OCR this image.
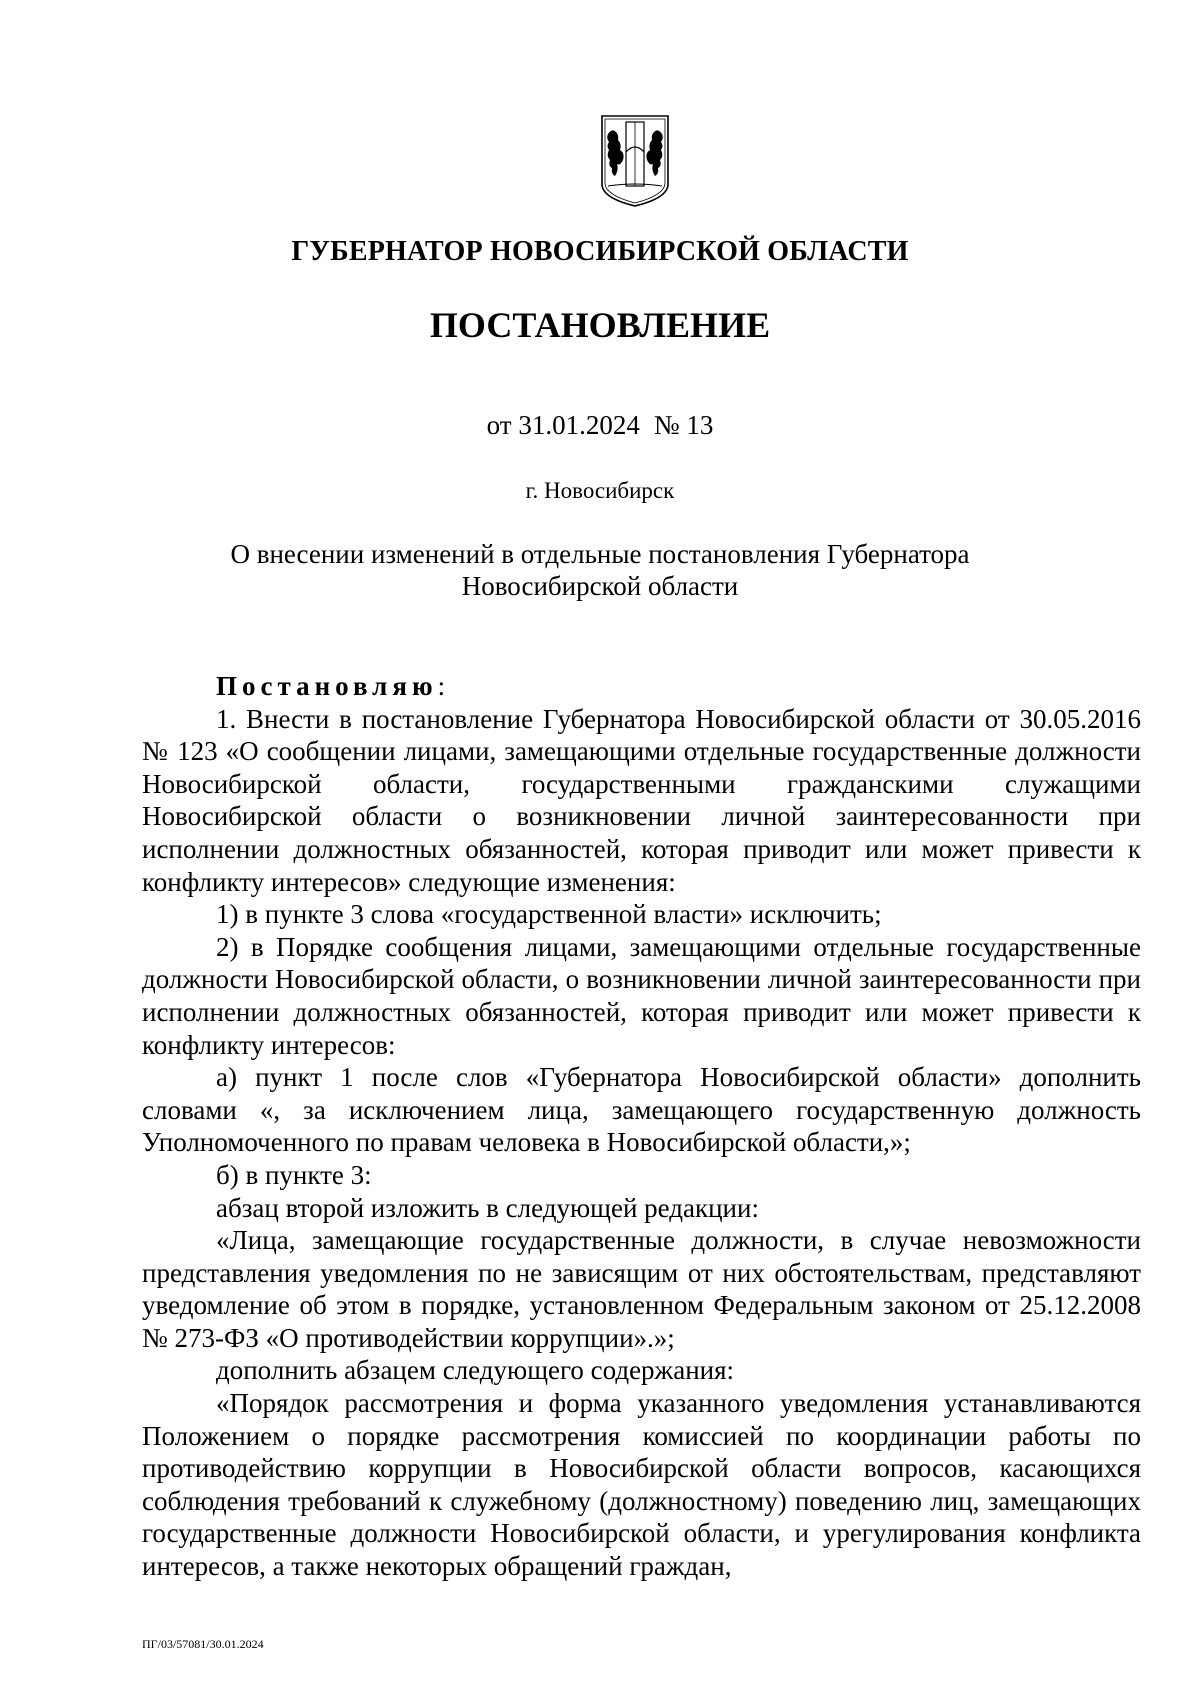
ГУБЕРНАТОР НОВОСИБИРСКОЙ ОБЛАСТИ
ПОСТАНОВЛЕНИЕ
от 31.01.2024 № 13
г. Новосибирск
О внесении изменений в отдельные постановления Губернатора
Новосибирской области

Постановляю:

1. Внести в постановление Губернатора Новосибирской области от 30.05.2016 № 123 «О сообщении лицами, замещающими отдельные государственные должности Новосибирской области, государственными гражданскими служащими Новосибирской области о возникновении личной заинтересованности при исполнении должностных обязанностей, которая приводит или может привести к конфликту интересов» следующие изменения:

1) в пункте 3 слова «государственной власти» исключить;

2) в Порядке сообщения лицами, замещающими отдельные государственные должности Новосибирской области, о возникновении личной заинтересованности при исполнении должностных обязанностей, которая приводит или может привести к конфликту интересов:

а) пункт 1 после слов «Губернатора Новосибирской области» дополнить словами «, за исключением лица, замещающего государственную должность Уполномоченного по правам человека в Новосибирской области,»;

б) в пункте 3:

абзац второй изложить в следующей редакции:

«Лица, замещающие государственные должности, в случае невозможности представления уведомления по не зависящим от них обстоятельствам, представляют уведомление об этом в порядке, установленном Федеральным законом от 25.12.2008 № 273-ФЗ «О противодействии коррупции».»;

дополнить абзацем следующего содержания:

«Порядок рассмотрения и форма указанного уведомления устанавливаются Положением о порядке рассмотрения комиссией по координации работы по противодействию коррупции в Новосибирской области вопросов, касающихся соблюдения требований к служебному (должностному) поведению лиц, замещающих государственные должности Новосибирской области, и урегулирования конфликта интересов, а также некоторых обращений граждан,

ПГ/03/57081/30.01.2024
